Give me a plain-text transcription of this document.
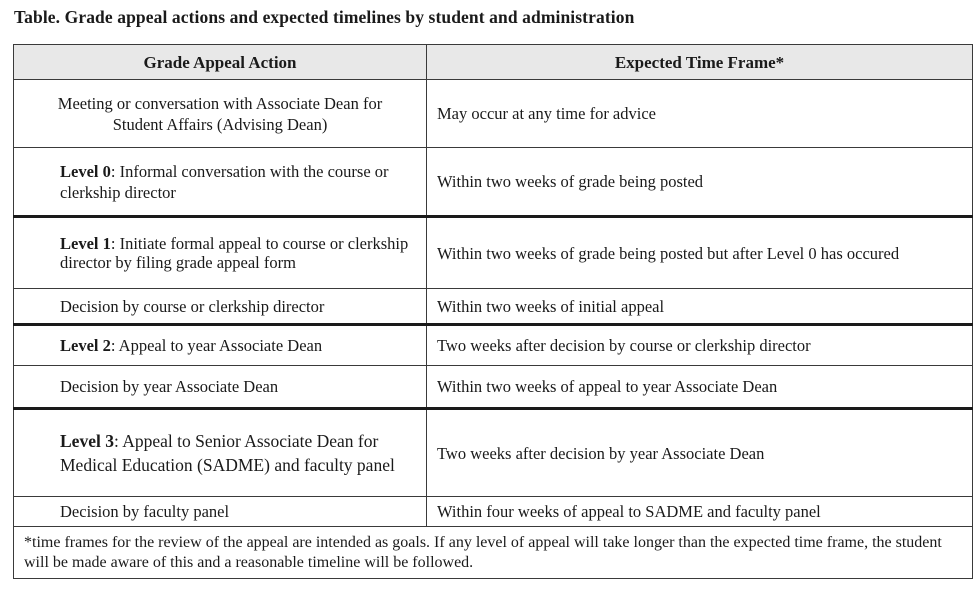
Table. Grade appeal actions and expected timelines by student and administration
Grade Appeal Action	Expected Time Frame*
Meeting or conversation with Associate Dean for Student Affairs (Advising Dean)	May occur at any time for advice
Level 0: Informal conversation with the course or clerkship director	Within two weeks of grade being posted
Level 1: Initiate formal appeal to course or clerkship director by filing grade appeal form	Within two weeks of grade being posted but after Level 0 has occured
Decision by course or clerkship director	Within two weeks of initial appeal
Level 2: Appeal to year Associate Dean	Two weeks after decision by course or clerkship director
Decision by year Associate Dean	Within two weeks of appeal to year Associate Dean
Level 3: Appeal to Senior Associate Dean for Medical Education (SADME) and faculty panel	Two weeks after decision by year Associate Dean
Decision by faculty panel	Within four weeks of appeal to SADME and faculty panel
*time frames for the review of the appeal are intended as goals. If any level of appeal will take longer than the expected time frame, the student will be made aware of this and a reasonable timeline will be followed.	
